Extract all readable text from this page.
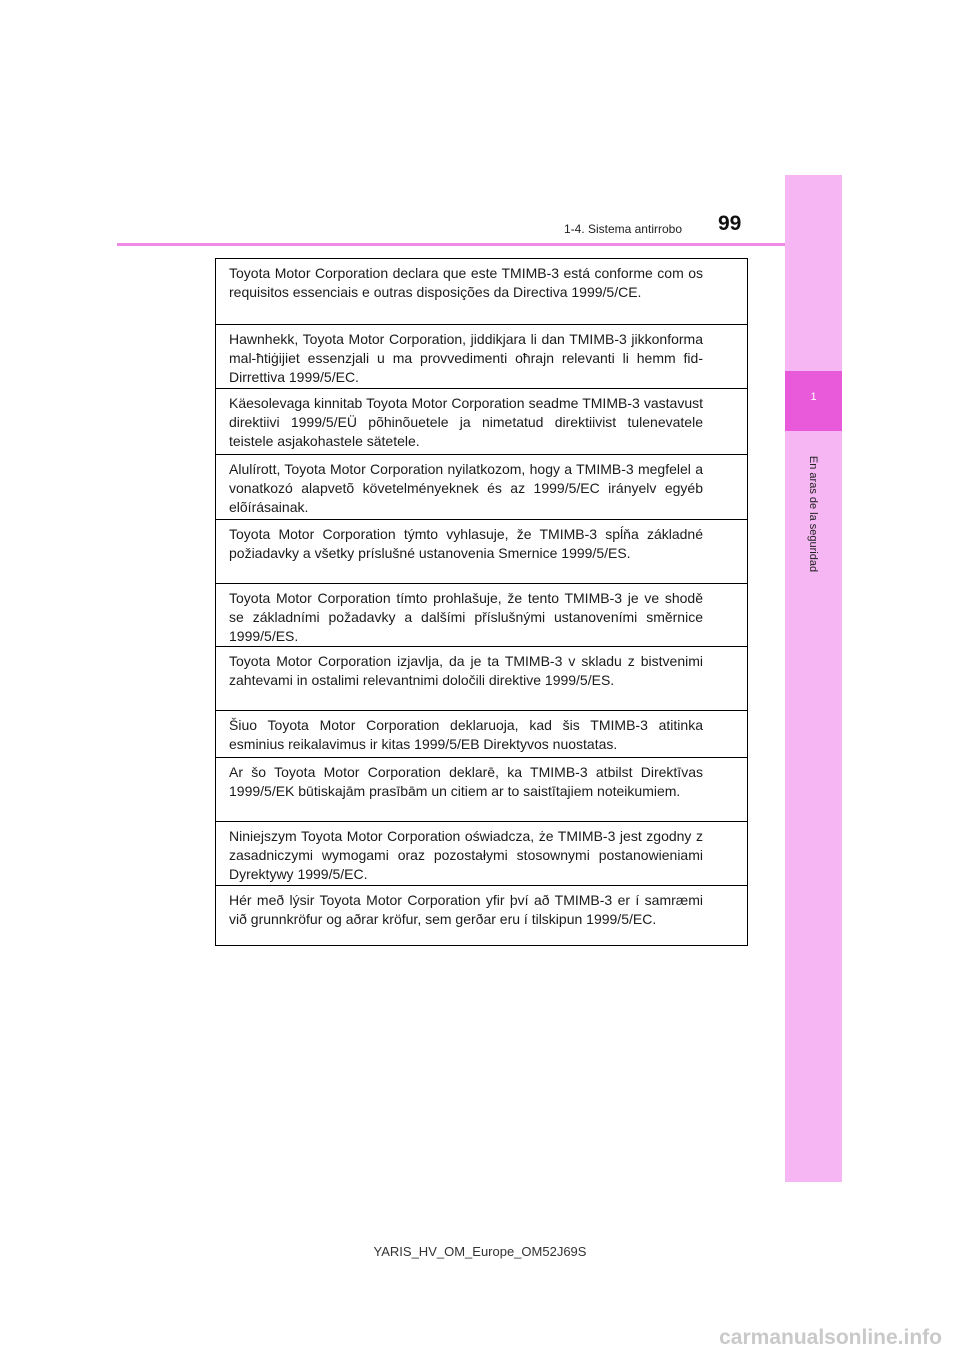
1
En aras de la seguridad
1-4. Sistema antirrobo 99
Toyota Motor Corporation declara que este TMIMB-3 está conforme com os requisitos essenciais e outras disposições da Directiva 1999/5/CE.
Hawnhekk, Toyota Motor Corporation, jiddikjara li dan TMIMB-3 jikkonforma mal-ħtiġijiet essenzjali u ma provvedimenti oħrajn relevanti li hemm fid-Dirrettiva 1999/5/EC.
Käesolevaga kinnitab Toyota Motor Corporation seadme TMIMB-3 vastavust direktiivi 1999/5/EÜ põhinõuetele ja nimetatud direktiivist tulenevatele teistele asjakohastele sätetele.
Alulírott, Toyota Motor Corporation nyilatkozom, hogy a TMIMB-3 megfelel a vonatkozó alapvetõ követelményeknek és az 1999/5/EC irányelv egyéb elõírásainak.
Toyota Motor Corporation týmto vyhlasuje, že TMIMB-3 spĺňa základné požiadavky a všetky príslušné ustanovenia Smernice 1999/5/ES.
Toyota Motor Corporation tímto prohlašuje, že tento TMIMB-3 je ve shodě se základními požadavky a dalšími příslušnými ustanoveními směrnice 1999/5/ES.
Toyota Motor Corporation izjavlja, da je ta TMIMB-3 v skladu z bistvenimi zahtevami in ostalimi relevantnimi določili direktive 1999/5/ES.
Šiuo Toyota Motor Corporation deklaruoja, kad šis TMIMB-3 atitinka esminius reikalavimus ir kitas 1999/5/EB Direktyvos nuostatas.
Ar šo Toyota Motor Corporation deklarē, ka TMIMB-3 atbilst Direktīvas 1999/5/EK būtiskajām prasībām un citiem ar to saistītajiem noteikumiem.
Niniejszym Toyota Motor Corporation oświadcza, że TMIMB-3 jest zgodny z zasadniczymi wymogami oraz pozostałymi stosownymi postanowieniami Dyrektywy 1999/5/EC.
Hér með lýsir Toyota Motor Corporation yfir því að TMIMB-3 er í samræmi við grunnkröfur og aðrar kröfur, sem gerðar eru í tilskipun 1999/5/EC.
YARIS_HV_OM_Europe_OM52J69S
carmanualsonline.info
